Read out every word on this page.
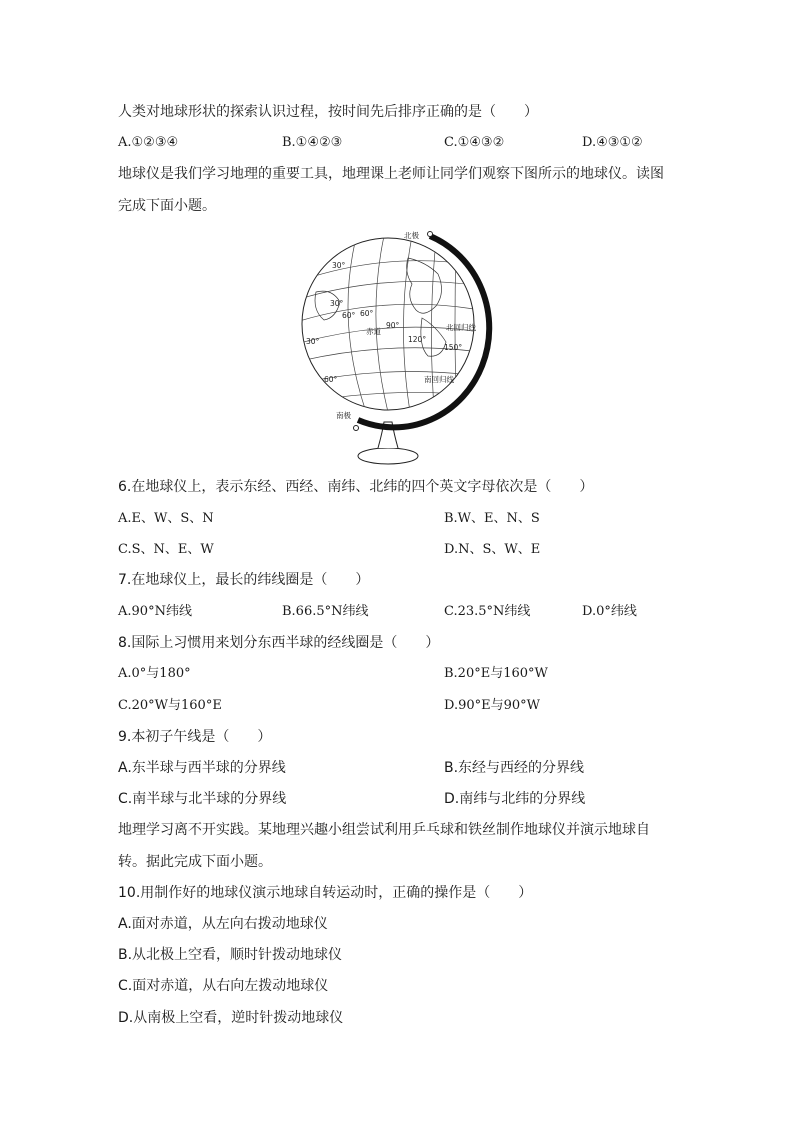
人类对地球形状的探索认识过程，按时间先后排序正确的是（　　）
A.①②③④	B.①④②③	C.①④③②	D.④③①②
地球仪是我们学习地理的重要工具，地理课上老师让同学们观察下图所示的地球仪。读图
完成下面小题。
北极
南极
赤道	北回归线
南回归线
30°
30°
30°
60°
60° 60°
90°
120°
150°
6.在地球仪上，表示东经、西经、南纬、北纬的四个英文字母依次是（　　）
A.E、W、S、N	B.W、E、N、S
C.S、N、E、W	D.N、S、W、E
7.在地球仪上，最长的纬线圈是（　　）
A.90°N纬线	B.66.5°N纬线	C.23.5°N纬线	D.0°纬线
8.国际上习惯用来划分东西半球的经线圈是（　　）
A.0°与180°	B.20°E与160°W
C.20°W与160°E	D.90°E与90°W
9.本初子午线是（　　）
A.东半球与西半球的分界线	B.东经与西经的分界线
C.南半球与北半球的分界线	D.南纬与北纬的分界线
地理学习离不开实践。某地理兴趣小组尝试利用乒乓球和铁丝制作地球仪并演示地球自
转。据此完成下面小题。
10.用制作好的地球仪演示地球自转运动时，正确的操作是（　　）
A.面对赤道，从左向右拨动地球仪
B.从北极上空看，顺时针拨动地球仪
C.面对赤道，从右向左拨动地球仪
D.从南极上空看，逆时针拨动地球仪
